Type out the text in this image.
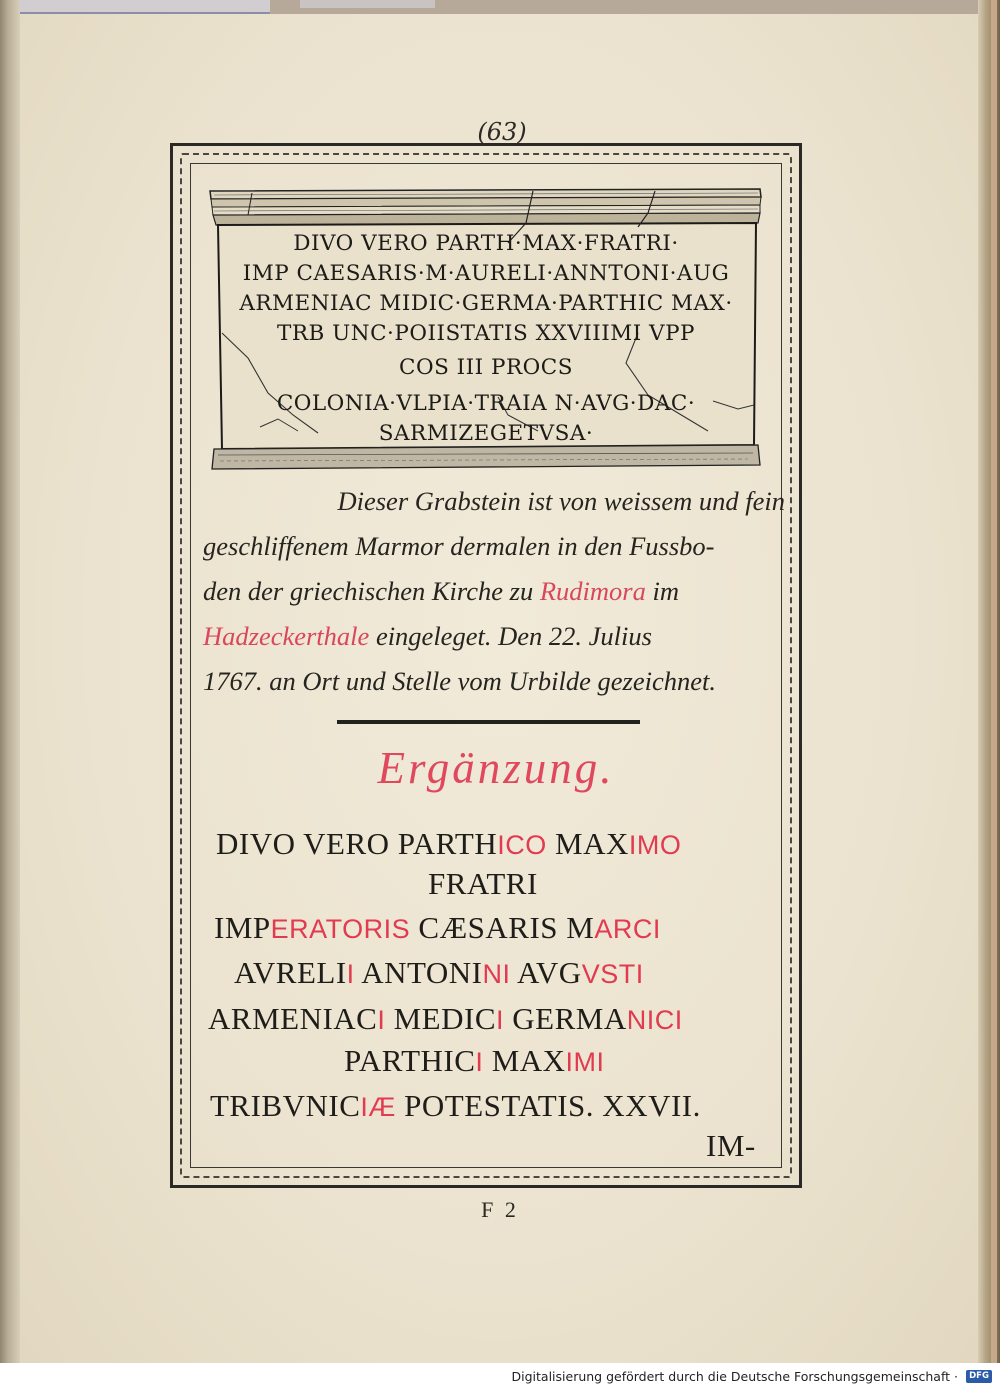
(63)
DIVO VERO PARTH·MAX·FRATRI·
IMP CAESARIS·M·AURELI·ANNTONI·AUG
ARMENIAC MIDIC·GERMA·PARTHIC MAX·
TRB UNC·POIISTATIS XXVIIIMI VPP
COS III PROCS
COLONIA·VLPIA·TRAIA N·AVG·DAC·
SARMIZEGETVSA·
Dieser Grabstein ist von weissem und fein
geschliffenem Marmor dermalen in den Fussbo-
den der griechischen Kirche zu Rudimora im
Hadzeckerthale eingeleget. Den 22. Julius
1767. an Ort und Stelle vom Urbilde gezeichnet.
Ergänzung.
DIVO VERO PARTHICO MAXIMO
FRATRI
IMPERATORIS CÆSARIS MARCI
AVRELII ANTONINI AVGVSTI
ARMENIACI MEDICI GERMANICI
PARTHICI MAXIMI
TRIBVNICIÆ POTESTATIS. XXVII.
IM-
F 2
Digitalisierung gefördert durch die Deutsche Forschungsgemeinschaft ·	DFG
